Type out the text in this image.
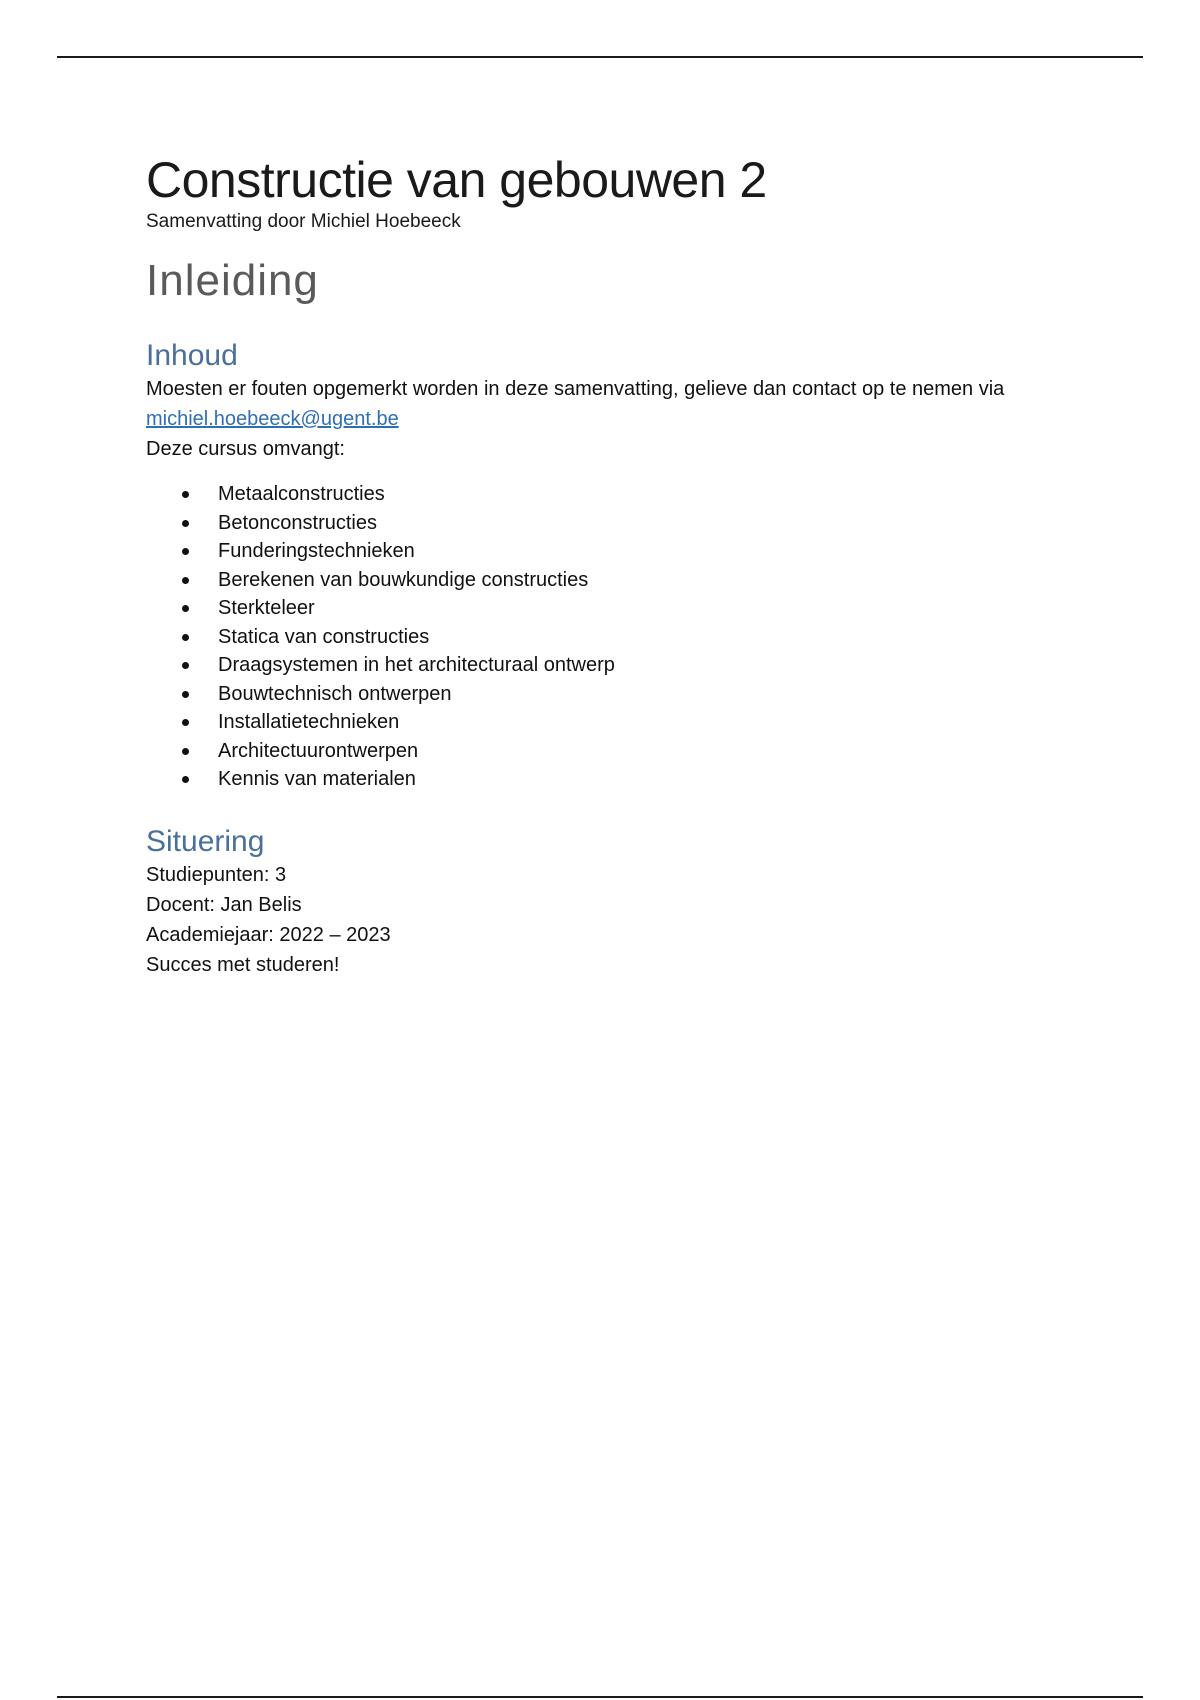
Constructie van gebouwen 2

Samenvatting door Michiel Hoebeeck

Inleiding
Inhoud

Moesten er fouten opgemerkt worden in deze samenvatting, gelieve dan contact op te nemen via
michiel.hoebeeck@ugent.be

Deze cursus omvangt:

Metaalconstructies
Betonconstructies
Funderingstechnieken
Berekenen van bouwkundige constructies
Sterkteleer
Statica van constructies
Draagsystemen in het architecturaal ontwerp
Bouwtechnisch ontwerpen
Installatietechnieken
Architectuurontwerpen
Kennis van materialen
Situering

Studiepunten: 3

Docent: Jan Belis

Academiejaar: 2022 – 2023

Succes met studeren!
